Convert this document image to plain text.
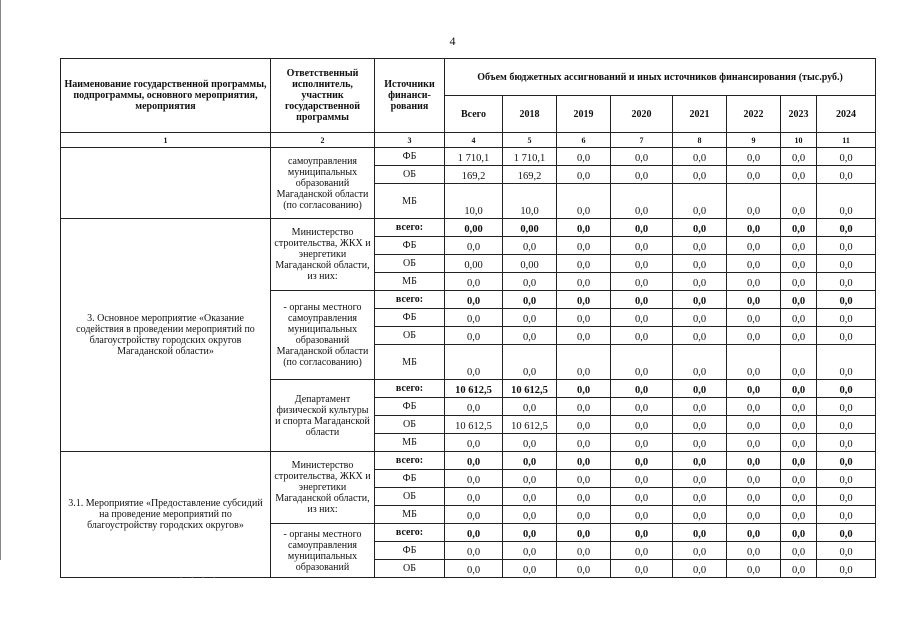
4
Наименование государственной программы, подпрограммы, основного мероприятия, мероприятия	Ответственный исполнитель, участник государственной программы	Источники финанси-рования	Объем бюджетных ассигнований и иных источников финансирования (тыс.руб.)							
			Всего	2018	2019	2020	2021	2022	2023	2024
1	2	3	4	5	6	7	8	9	10	11
	самоуправления муниципальных образований Магаданской области (по согласованию)	ФБ	1 710,1	1 710,1	0,0	0,0	0,0	0,0	0,0	0,0
		ОБ	169,2	169,2	0,0	0,0	0,0	0,0	0,0	0,0
		МБ	10,0	10,0	0,0	0,0	0,0	0,0	0,0	0,0
3. Основное мероприятие «Оказание содействия в проведении мероприятий по благоустройству городских округов Магаданской области»	Министерство строительства, ЖКХ и энергетики Магаданской области, из них:	всего:	0,00	0,00	0,0	0,0	0,0	0,0	0,0	0,0
		ФБ	0,0	0,0	0,0	0,0	0,0	0,0	0,0	0,0
		ОБ	0,00	0,00	0,0	0,0	0,0	0,0	0,0	0,0
		МБ	0,0	0,0	0,0	0,0	0,0	0,0	0,0	0,0
	- органы местного самоуправления муниципальных образований Магаданской области (по согласованию)	всего:	0,0	0,0	0,0	0,0	0,0	0,0	0,0	0,0
		ФБ	0,0	0,0	0,0	0,0	0,0	0,0	0,0	0,0
		ОБ	0,0	0,0	0,0	0,0	0,0	0,0	0,0	0,0
		МБ	0,0	0,0	0,0	0,0	0,0	0,0	0,0	0,0
	Департамент физической культуры и спорта Магаданской области	всего:	10 612,5	10 612,5	0,0	0,0	0,0	0,0	0,0	0,0
		ФБ	0,0	0,0	0,0	0,0	0,0	0,0	0,0	0,0
		ОБ	10 612,5	10 612,5	0,0	0,0	0,0	0,0	0,0	0,0
		МБ	0,0	0,0	0,0	0,0	0,0	0,0	0,0	0,0
3.1. Мероприятие «Предоставление субсидий на проведение мероприятий по благоустройству городских округов»	Министерство строительства, ЖКХ и энергетики Магаданской области, из них:	всего:	0,0	0,0	0,0	0,0	0,0	0,0	0,0	0,0
		ФБ	0,0	0,0	0,0	0,0	0,0	0,0	0,0	0,0
		ОБ	0,0	0,0	0,0	0,0	0,0	0,0	0,0	0,0
		МБ	0,0	0,0	0,0	0,0	0,0	0,0	0,0	0,0
	- органы местного самоуправления муниципальных образований	всего:	0,0	0,0	0,0	0,0	0,0	0,0	0,0	0,0
		ФБ	0,0	0,0	0,0	0,0	0,0	0,0	0,0	0,0
		ОБ	0,0	0,0	0,0	0,0	0,0	0,0	0,0	0,0
. . . .
